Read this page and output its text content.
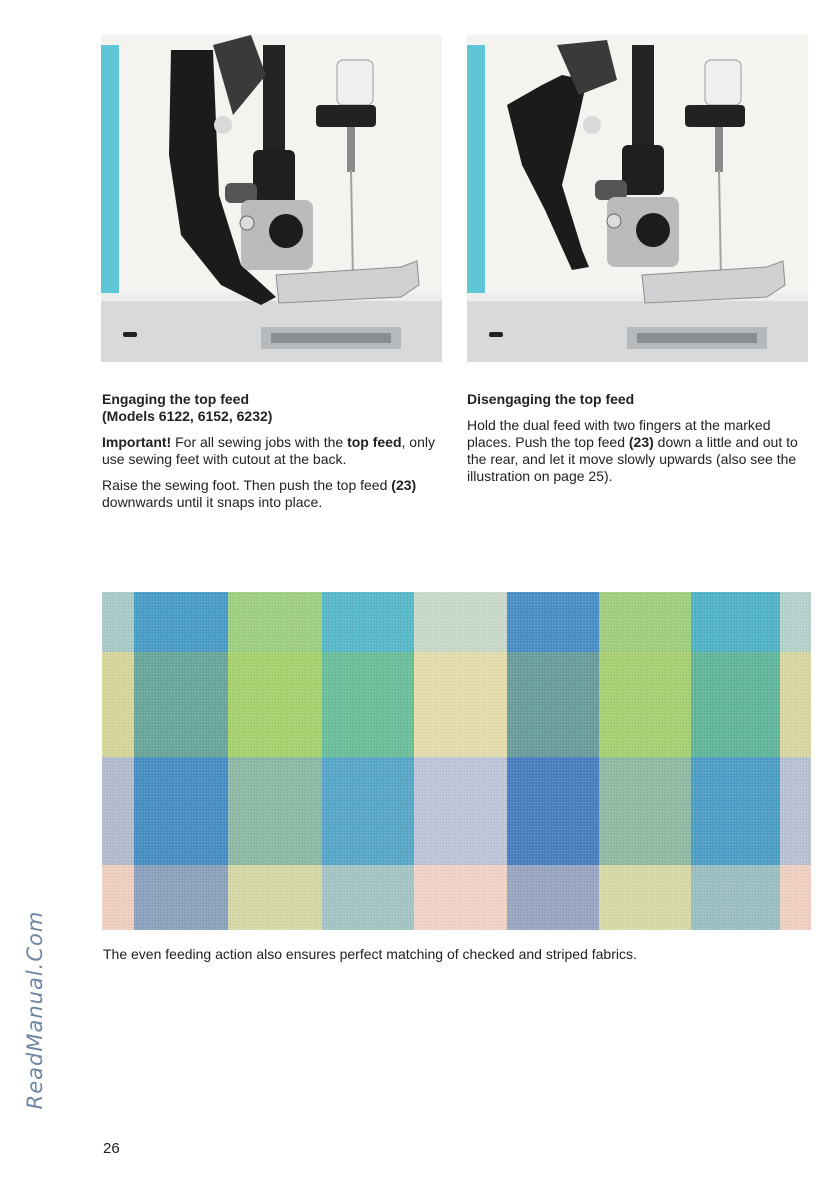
Engaging the top feed
(Models 6122, 6152, 6232)

Important! For all sewing jobs with the top feed, only use sewing feet with cutout at the back.

Raise the sewing foot. Then push the top feed (23) downwards until it snaps into place.

Disengaging the top feed

Hold the dual feed with two fingers at the marked places. Push the top feed (23) down a little and out to the rear, and let it move slowly upwards (also see the illustration on page 25).

The even feeding action also ensures perfect matching of checked and striped fabrics.
26
ReadManual.Com
